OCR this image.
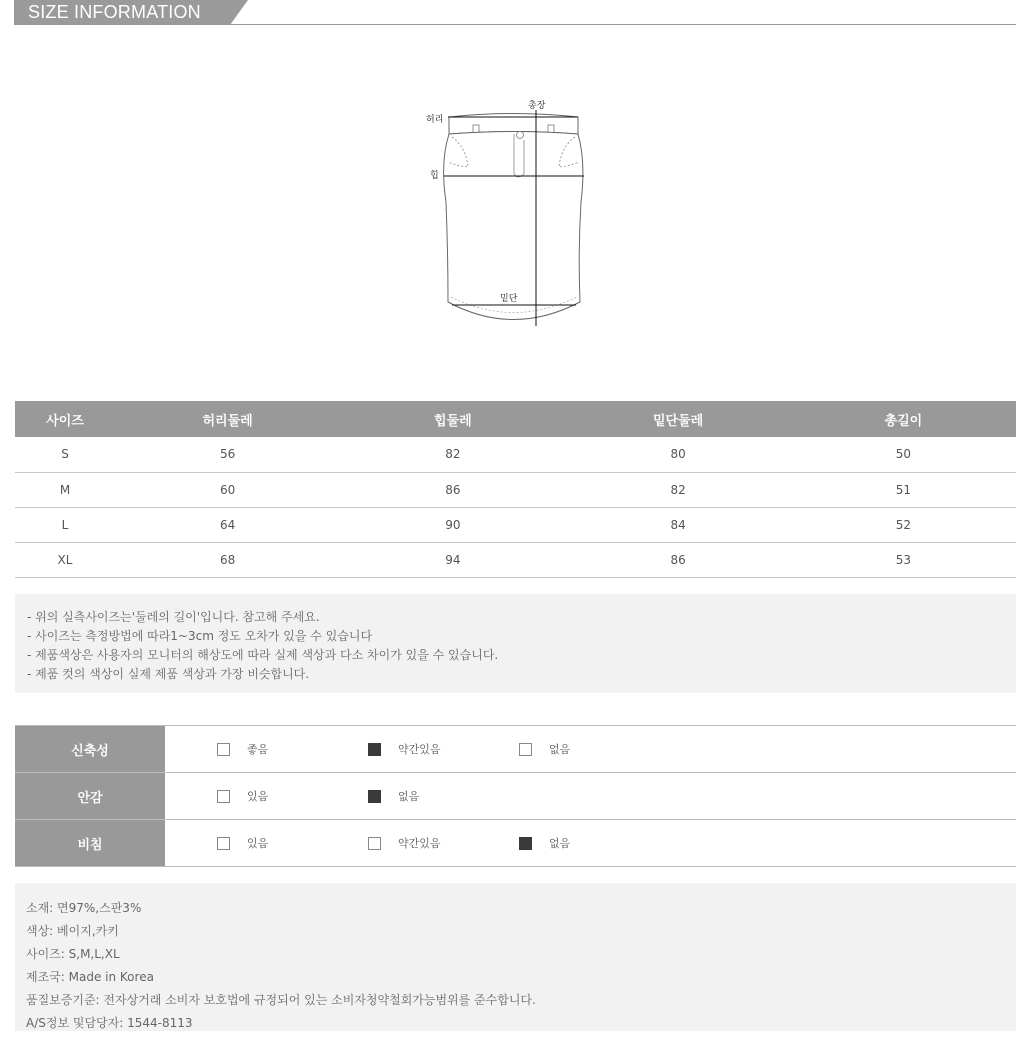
SIZE INFORMATION
총장
허리
힙
밑단
사이즈	허리둘레	힙둘레	밑단둘레	총길이
S	56	82	80	50
M	60	86	82	51
L	64	90	84	52
XL	68	94	86	53

- 위의 실측사이즈는'둘레의 길이'입니다. 참고해 주세요.

- 사이즈는 측정방법에 따라1~3cm 정도 오차가 있을 수 있습니다

- 제품색상은 사용자의 모니터의 해상도에 따라 실제 색상과 다소 차이가 있을 수 있습니다.

- 제품 컷의 색상이 실제 제품 색상과 가장 비슷합니다.

신축성	좋음	약간있음	없음
안감	있음	없음
비침	있음	약간있음	없음

소재: 면97%,스판3%

색상: 베이지,카키

사이즈: S,M,L,XL

제조국: Made in Korea

품질보증기준: 전자상거래 소비자 보호법에 규정되어 있는 소비자청약철회가능범위를 준수합니다.

A/S정보 및담당자: 1544-8113
